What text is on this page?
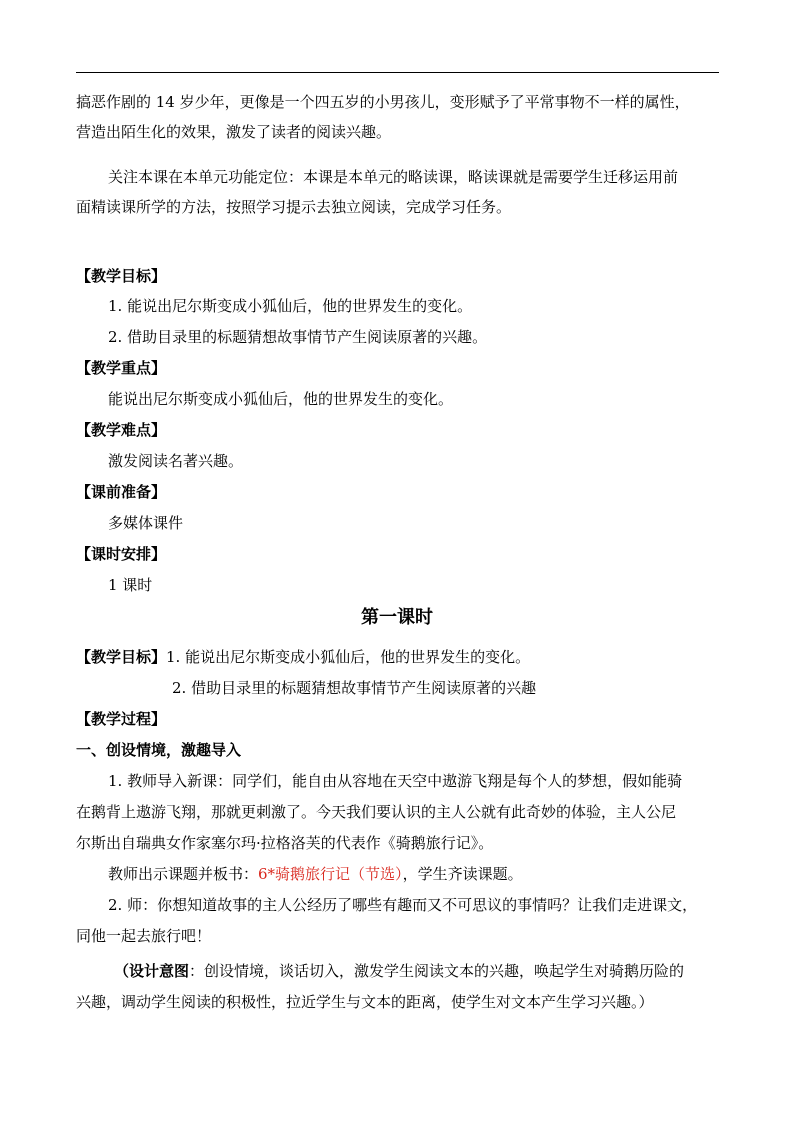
搞恶作剧的 14 岁少年，更像是一个四五岁的小男孩儿，变形赋予了平常事物不一样的属性，
营造出陌生化的效果，激发了读者的阅读兴趣。
关注本课在本单元功能定位：本课是本单元的略读课，略读课就是需要学生迁移运用前
面精读课所学的方法，按照学习提示去独立阅读，完成学习任务。
【教学目标】
1. 能说出尼尔斯变成小狐仙后，他的世界发生的变化。
2. 借助目录里的标题猜想故事情节产生阅读原著的兴趣。
【教学重点】
能说出尼尔斯变成小狐仙后，他的世界发生的变化。
【教学难点】
激发阅读名著兴趣。
【课前准备】
多媒体课件
【课时安排】
1 课时
第一课时
【教学目标】1. 能说出尼尔斯变成小狐仙后，他的世界发生的变化。
2. 借助目录里的标题猜想故事情节产生阅读原著的兴趣
【教学过程】
一、创设情境，激趣导入
1. 教师导入新课：同学们，能自由从容地在天空中遨游飞翔是每个人的梦想，假如能骑
在鹅背上遨游飞翔，那就更刺激了。今天我们要认识的主人公就有此奇妙的体验，主人公尼
尔斯出自瑞典女作家塞尔玛·拉格洛芙的代表作《骑鹅旅行记》。
教师出示课题并板书：6*骑鹅旅行记（节选），学生齐读课题。
2. 师：你想知道故事的主人公经历了哪些有趣而又不可思议的事情吗？让我们走进课文，
同他一起去旅行吧！
（设计意图：创设情境，谈话切入，激发学生阅读文本的兴趣，唤起学生对骑鹅历险的
兴趣，调动学生阅读的积极性，拉近学生与文本的距离，使学生对文本产生学习兴趣。）
